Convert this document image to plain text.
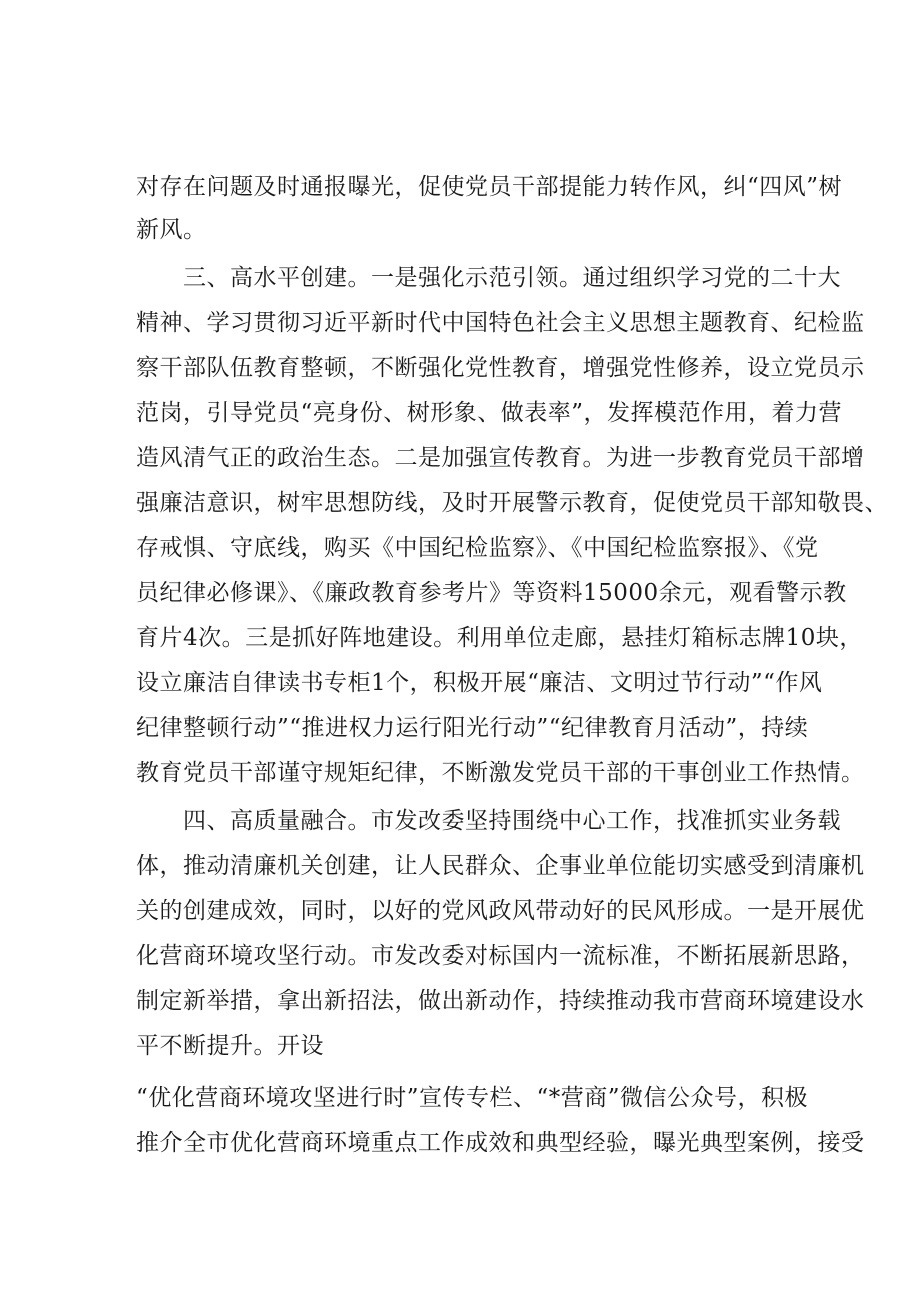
对存在问题及时通报曝光，促使党员干部提能力转作风，纠“四风”树
新风。
三、高水平创建。一是强化示范引领。通过组织学习党的二十大
精神、学习贯彻习近平新时代中国特色社会主义思想主题教育、纪检监
察干部队伍教育整顿，不断强化党性教育，增强党性修养，设立党员示
范岗，引导党员“亮身份、树形象、做表率”，发挥模范作用，着力营
造风清气正的政治生态。二是加强宣传教育。为进一步教育党员干部增
强廉洁意识，树牢思想防线，及时开展警示教育，促使党员干部知敬畏、
存戒惧、守底线，购买《中国纪检监察》、《中国纪检监察报》、《党
员纪律必修课》、《廉政教育参考片》等资料15000余元，观看警示教
育片4次。三是抓好阵地建设。利用单位走廊，悬挂灯箱标志牌10块，
设立廉洁自律读书专柜1个，积极开展“廉洁、文明过节行动”“作风
纪律整顿行动”“推进权力运行阳光行动”“纪律教育月活动”，持续
教育党员干部谨守规矩纪律，不断激发党员干部的干事创业工作热情。
四、高质量融合。市发改委坚持围绕中心工作，找准抓实业务载
体，推动清廉机关创建，让人民群众、企事业单位能切实感受到清廉机
关的创建成效，同时，以好的党风政风带动好的民风形成。一是开展优
化营商环境攻坚行动。市发改委对标国内一流标准，不断拓展新思路，
制定新举措，拿出新招法，做出新动作，持续推动我市营商环境建设水
平不断提升。开设
“优化营商环境攻坚进行时”宣传专栏、“*营商”微信公众号，积极
推介全市优化营商环境重点工作成效和典型经验，曝光典型案例，接受
